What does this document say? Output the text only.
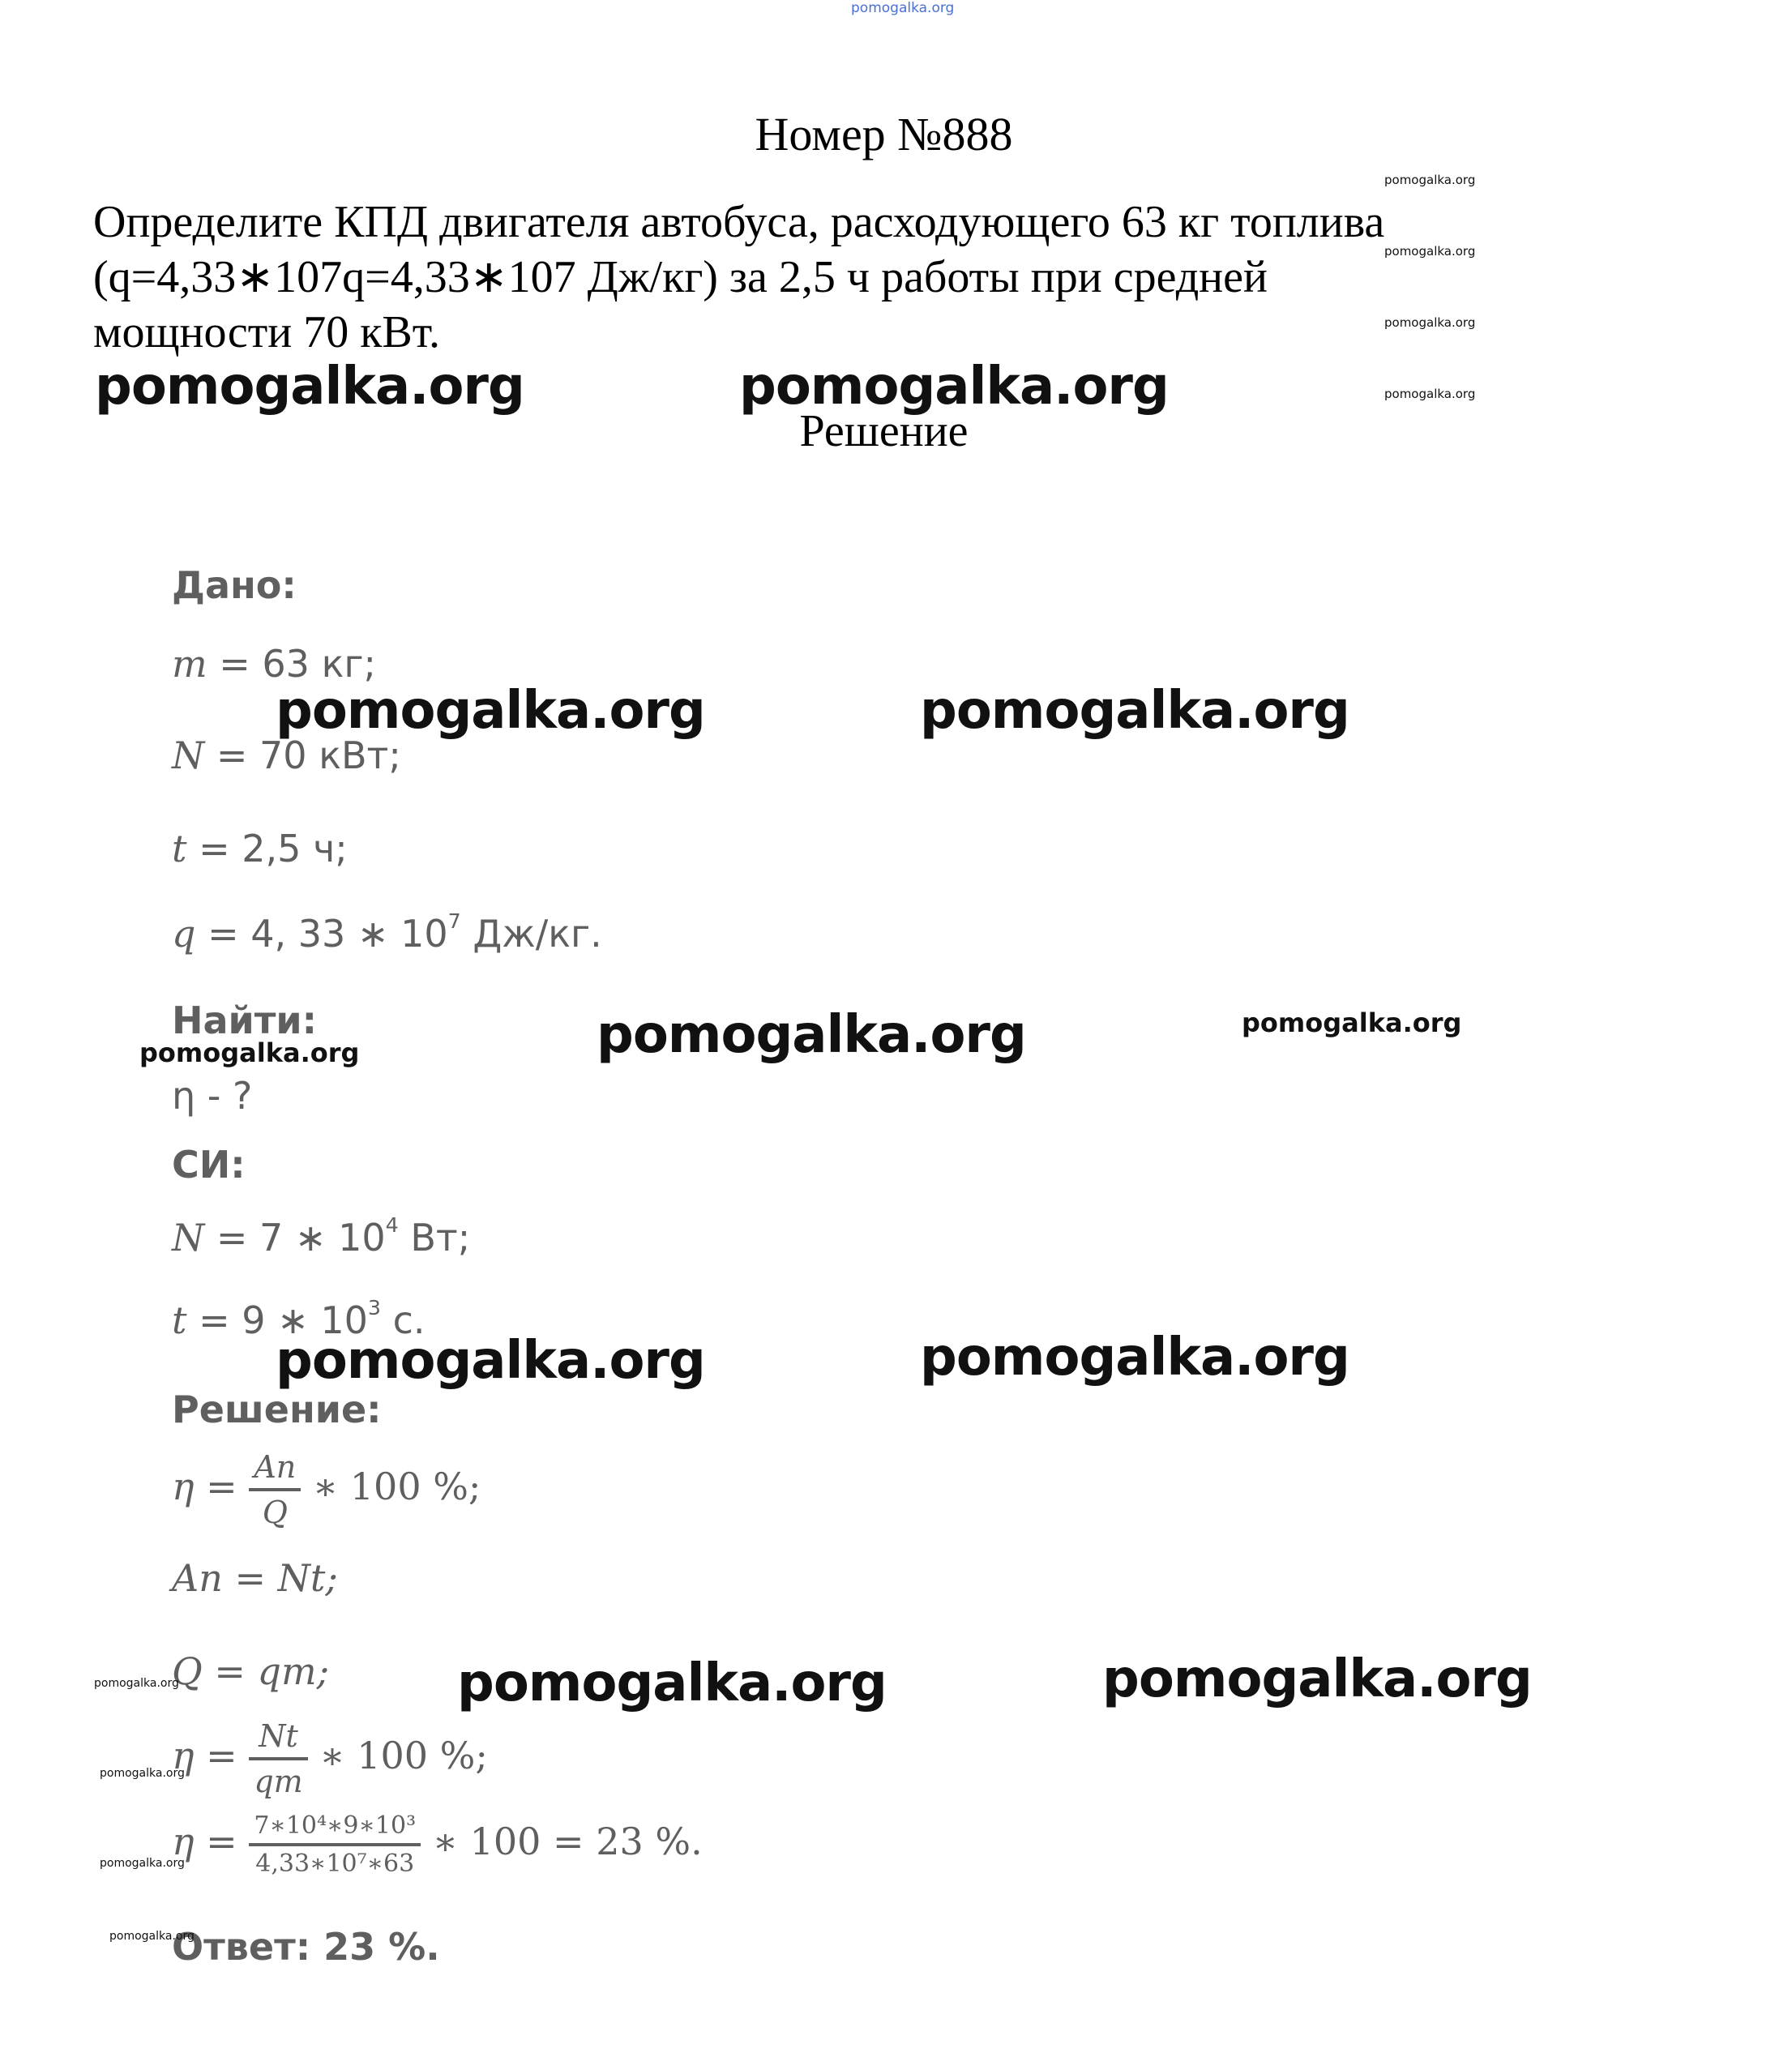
pomogalka.org
Номер №888

Определите КПД двигателя автобуса, расходующего 63 кг топлива

(q=4,33∗107q=4,33∗107 Дж/кг) за 2,5 ч работы при средней

мощности 70 кВт.

Решение
pomogalka.org
pomogalka.org
pomogalka.org
pomogalka.org
Дано:
m = 63 кг;
N = 70 кВт;
t = 2,5 ч;
q = 4, 33 ∗ $10^7$ Дж/кг.
Найти:
η - ?
СИ:
N = 7 ∗ $10^4$ Вт;
t = 9 ∗ $10^3$ с.
Решение:
$\eta = \frac{Aп}{Q}$ ∗ 100 %;
Aп = Nt;
Q = qm;
$\eta = \frac{Nt}{qm}$ ∗ 100 %;
$\eta = \frac{\text{7∗10⁴∗9∗10³}}{\text{4,33∗10⁷∗63}}$ ∗ 100 = 23 %.
Ответ: 23 %.
pomogalka.org	pomogalka.org
pomogalka.org	pomogalka.org
pomogalka.org
pomogalka.org	pomogalka.org
pomogalka.org	pomogalka.org
pomogalka.org
pomogalka.org
pomogalka.org
pomogalka.org
pomogalka.org
pomogalka.org
